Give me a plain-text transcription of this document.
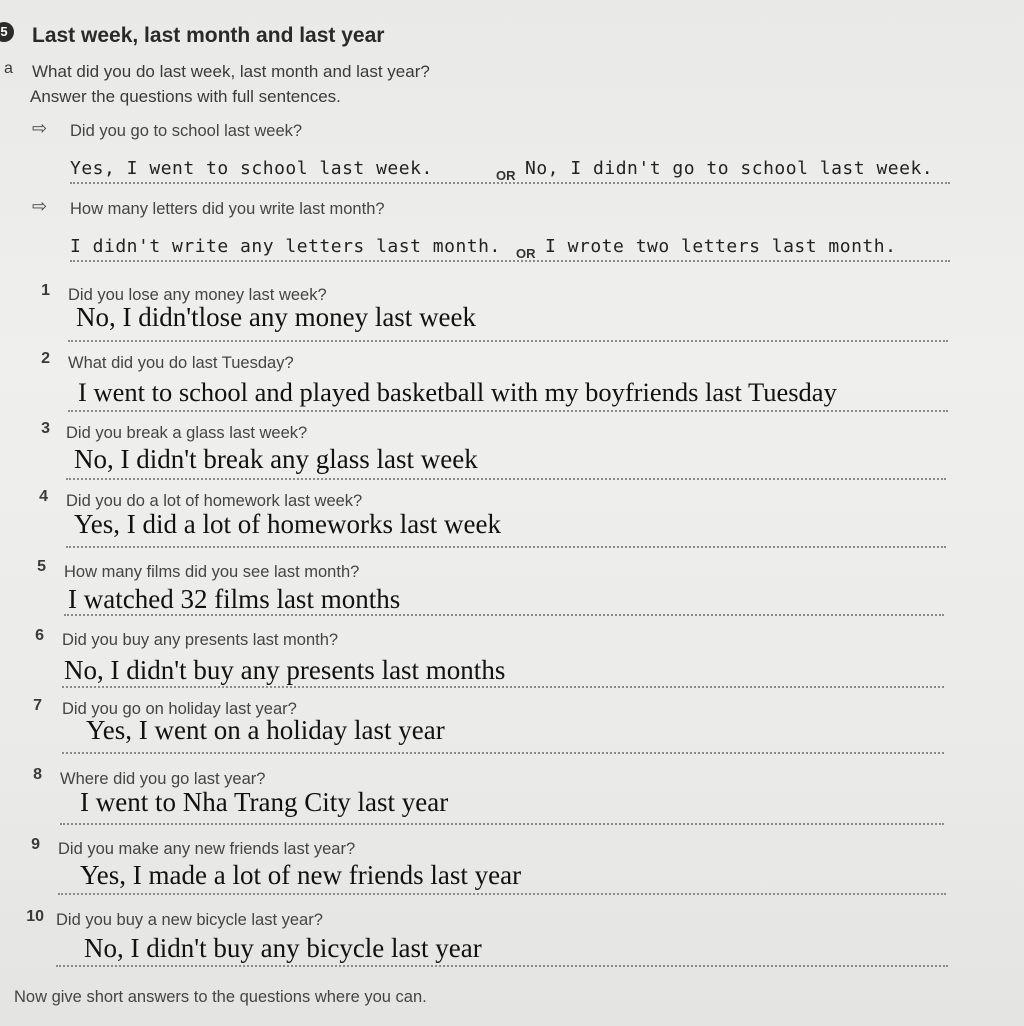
5	Last week, last month and last year
a What did you do last week, last month and last year?
Answer the questions with full sentences.
⇨ Did you go to school last week?
Yes, I went to school last week.	OR No, I didn't go to school last week.
⇨ How many letters did you write last month?
I didn't write any letters last month. OR I wrote two letters last month.
1 Did you lose any money last week?
No, I didn'tlose any money last week
2 What did you do last Tuesday?
I went to school and played basketball with my boyfriends last Tuesday
3 Did you break a glass last week?
No, I didn't break any glass last week
4 Did you do a lot of homework last week?
Yes, I did a lot of homeworks last week
5 How many films did you see last month?
I watched 32 films last months
6 Did you buy any presents last month?
No, I didn't buy any presents last months
7 Did you go on holiday last year?
Yes, I went on a holiday last year
8 Where did you go last year?
I went to Nha Trang City last year
9 Did you make any new friends last year?
Yes, I made a lot of new friends last year
10 Did you buy a new bicycle last year?
No, I didn't buy any bicycle last year
Now give short answers to the questions where you can.
